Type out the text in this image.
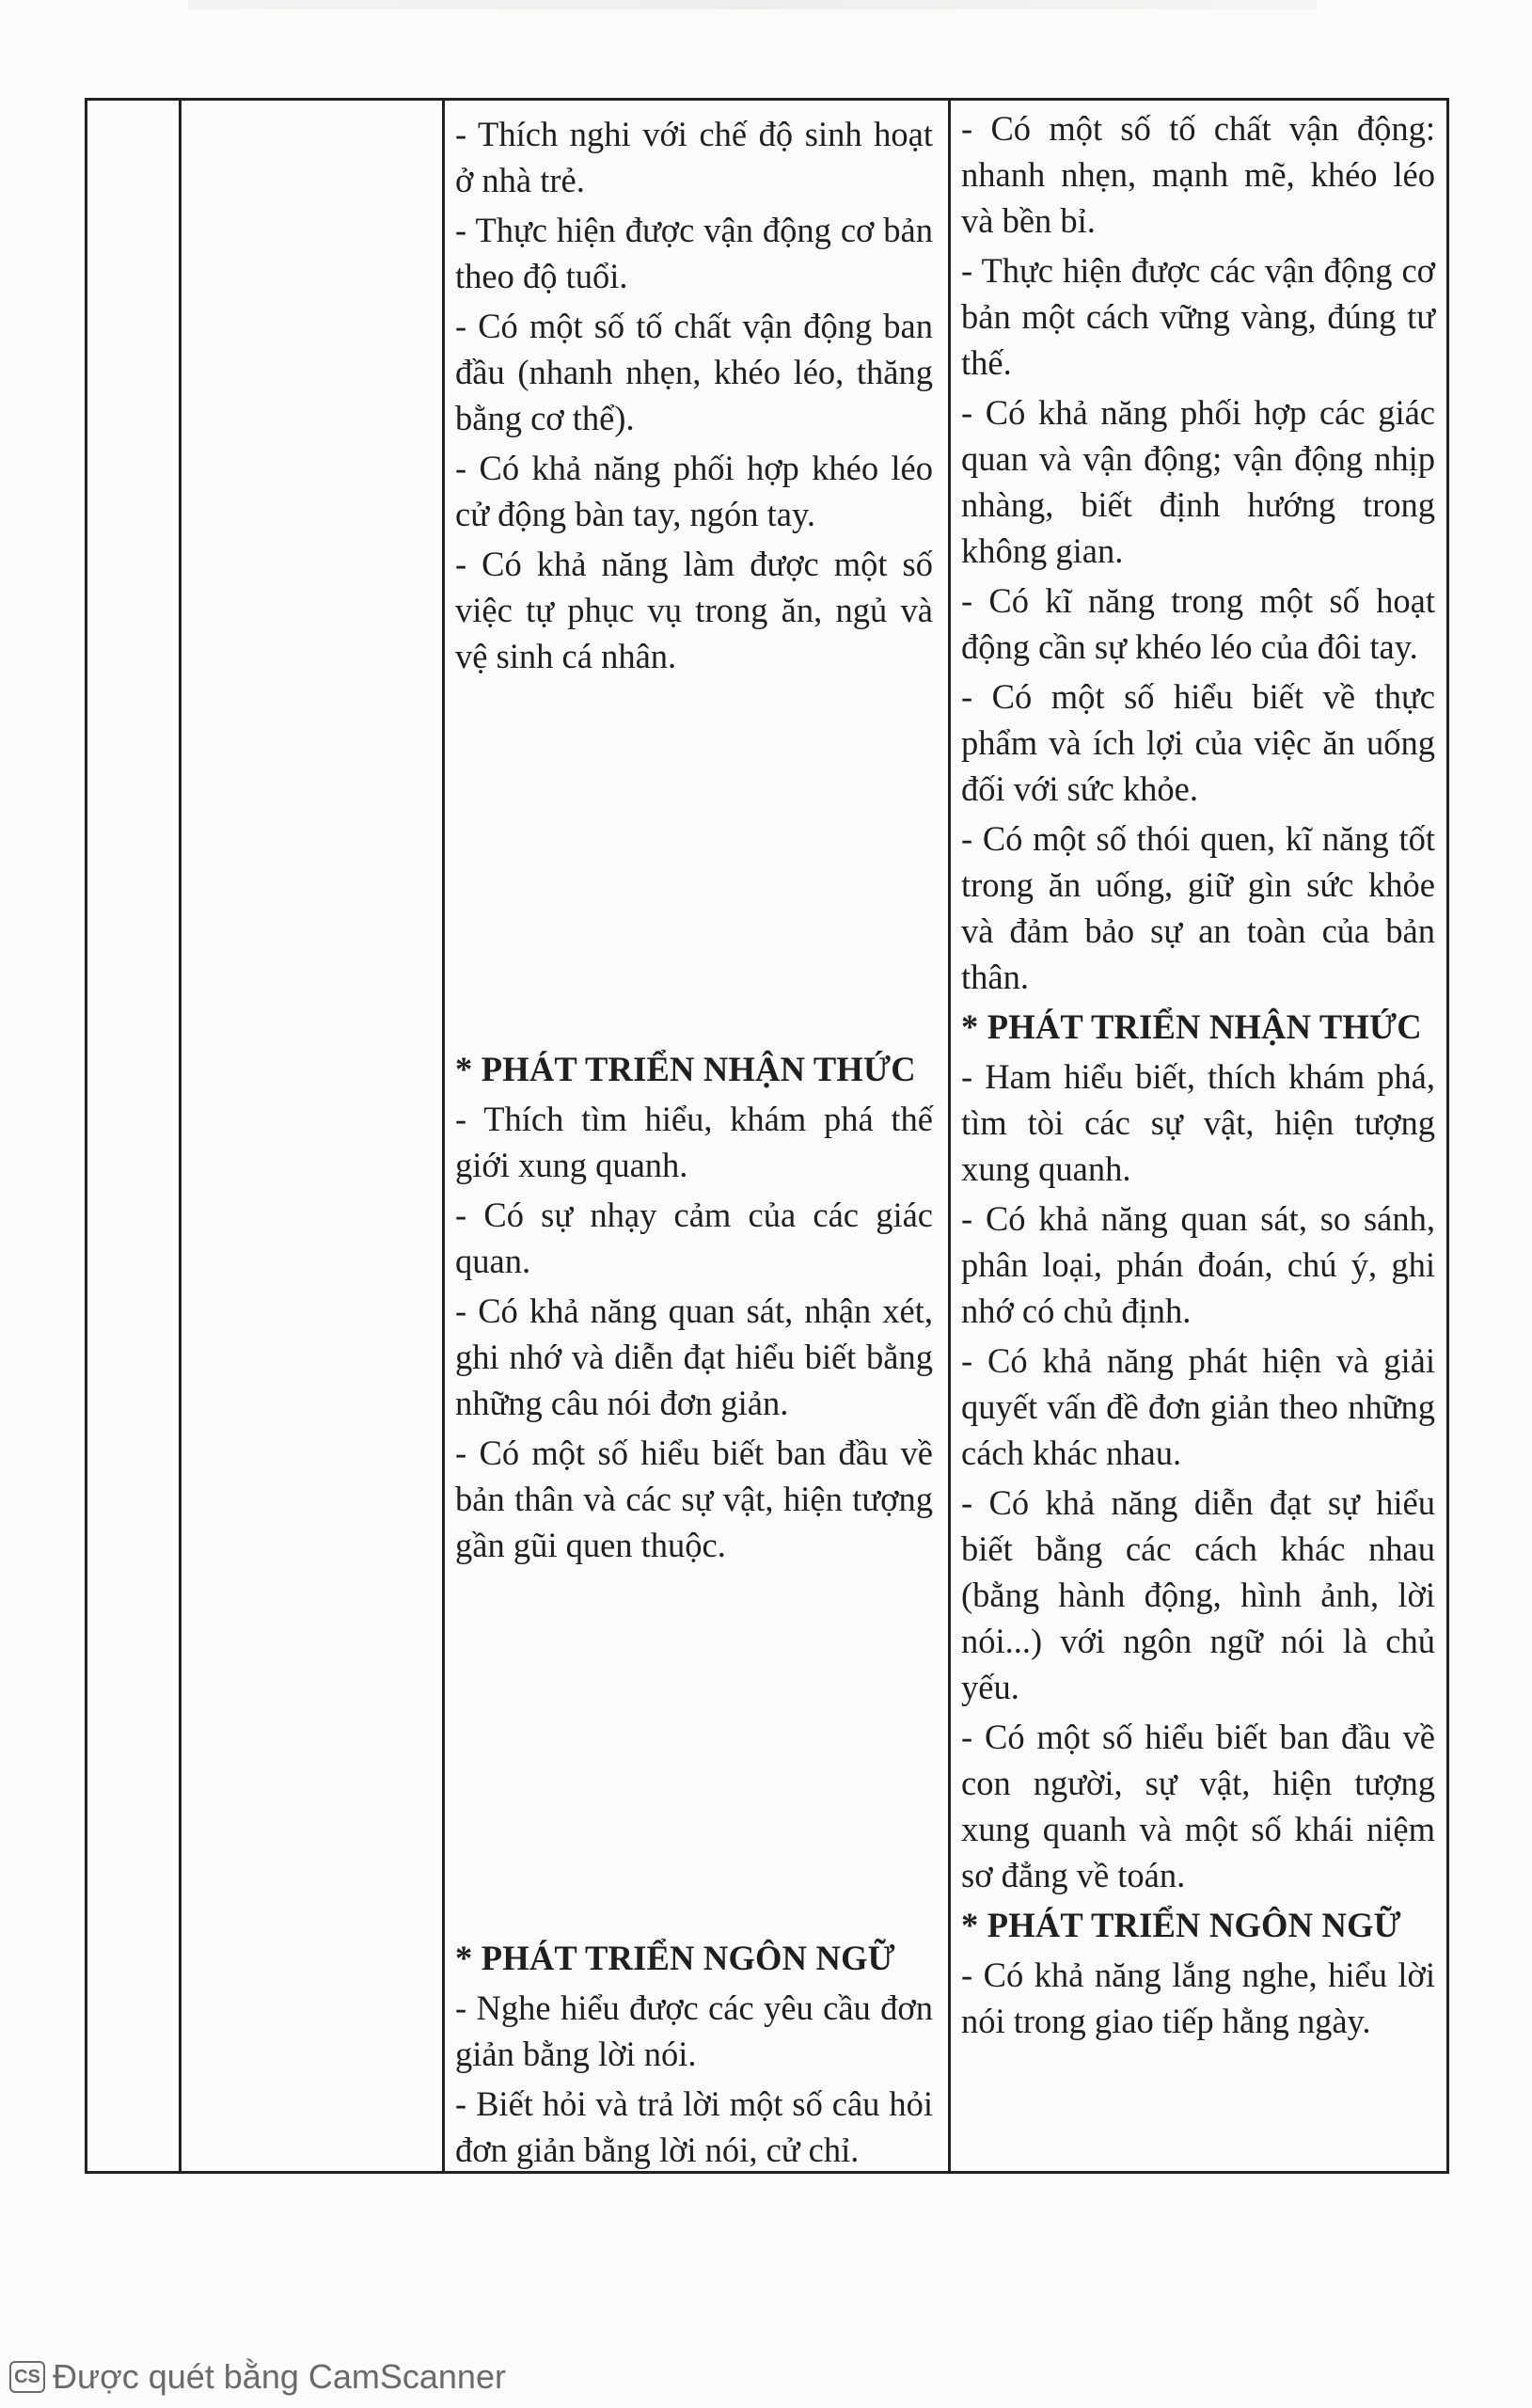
- Thích nghi với chế độ sinh hoạt ở nhà trẻ.

- Thực hiện được vận động cơ bản theo độ tuổi.

- Có một số tố chất vận động ban đầu (nhanh nhẹn, khéo léo, thăng bằng cơ thể).

- Có khả năng phối hợp khéo léo cử động bàn tay, ngón tay.

- Có khả năng làm được một số việc tự phục vụ trong ăn, ngủ và vệ sinh cá nhân.

* PHÁT TRIỂN NHẬN THỨC

- Thích tìm hiểu, khám phá thế giới xung quanh.

- Có sự nhạy cảm của các giác quan.

- Có khả năng quan sát, nhận xét, ghi nhớ và diễn đạt hiểu biết bằng những câu nói đơn giản.

- Có một số hiểu biết ban đầu về bản thân và các sự vật, hiện tượng gần gũi quen thuộc.

* PHÁT TRIỂN NGÔN NGỮ

- Nghe hiểu được các yêu cầu đơn giản bằng lời nói.

- Biết hỏi và trả lời một số câu hỏi đơn giản bằng lời nói, cử chỉ.

- Có một số tố chất vận động: nhanh nhẹn, mạnh mẽ, khéo léo và bền bỉ.

- Thực hiện được các vận động cơ bản một cách vững vàng, đúng tư thế.

- Có khả năng phối hợp các giác quan và vận động; vận động nhịp nhàng, biết định hướng trong không gian.

- Có kĩ năng trong một số hoạt động cần sự khéo léo của đôi tay.

- Có một số hiểu biết về thực phẩm và ích lợi của việc ăn uống đối với sức khỏe.

- Có một số thói quen, kĩ năng tốt trong ăn uống, giữ gìn sức khỏe và đảm bảo sự an toàn của bản thân.

* PHÁT TRIỂN NHẬN THỨC

- Ham hiểu biết, thích khám phá, tìm tòi các sự vật, hiện tượng xung quanh.

- Có khả năng quan sát, so sánh, phân loại, phán đoán, chú ý, ghi nhớ có chủ định.

- Có khả năng phát hiện và giải quyết vấn đề đơn giản theo những cách khác nhau.

- Có khả năng diễn đạt sự hiểu biết bằng các cách khác nhau (bằng hành động, hình ảnh, lời nói...) với ngôn ngữ nói là chủ yếu.

- Có một số hiểu biết ban đầu về con người, sự vật, hiện tượng xung quanh và một số khái niệm sơ đẳng về toán.

* PHÁT TRIỂN NGÔN NGỮ

- Có khả năng lắng nghe, hiểu lời nói trong giao tiếp hằng ngày.

CS Được quét bằng CamScanner
